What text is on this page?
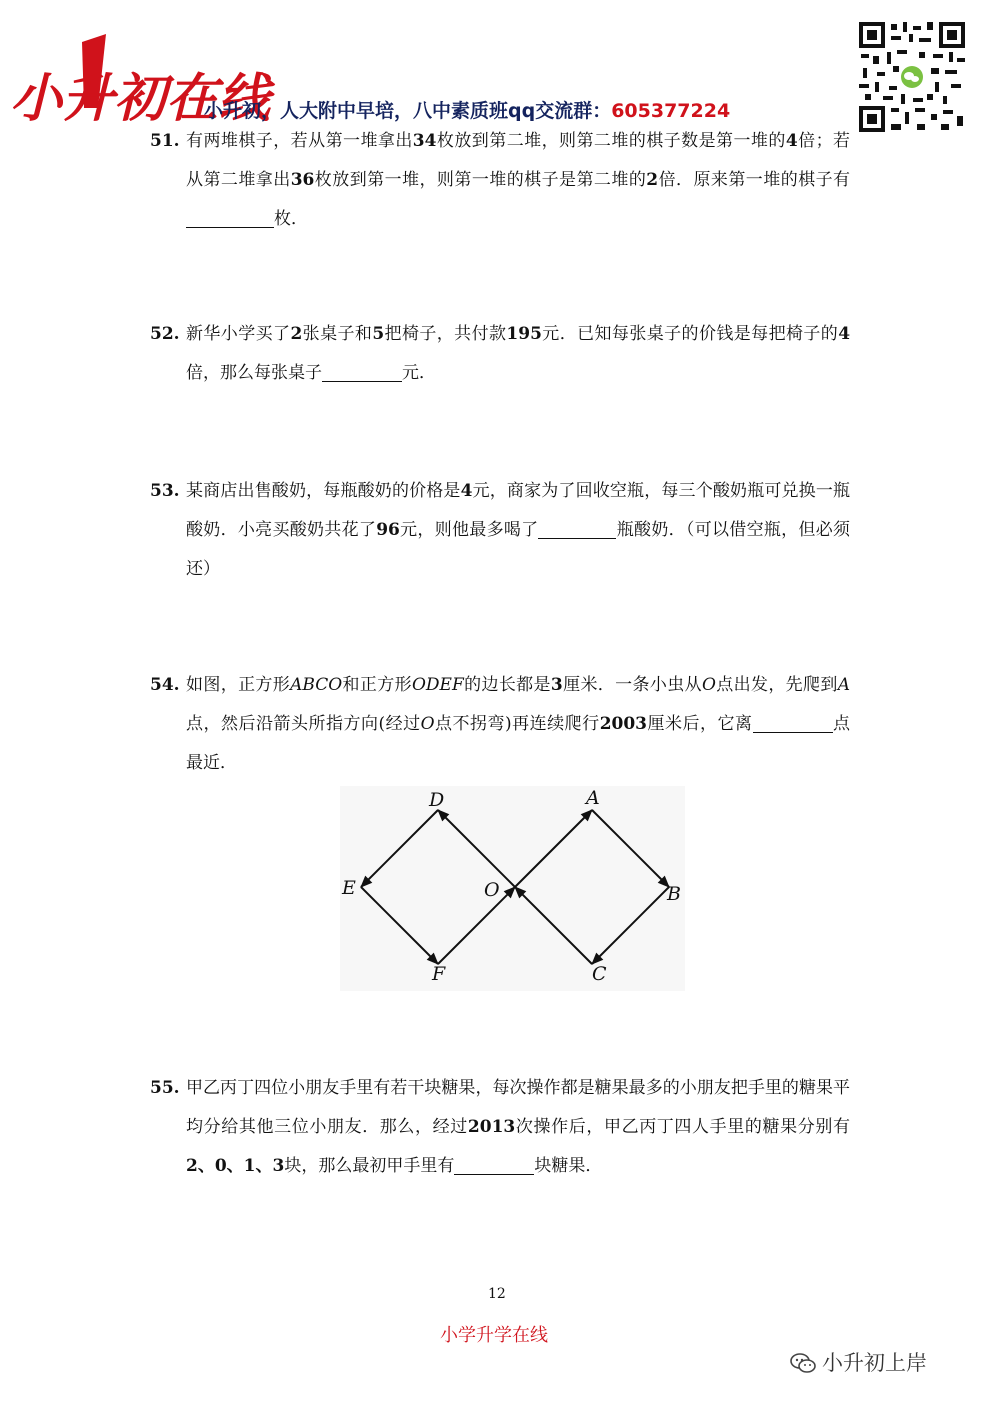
小升初在线
小升初，人大附中早培，八中素质班qq交流群：605377224
51. 有两堆棋子，若从第一堆拿出34枚放到第二堆，则第二堆的棋子数是第一堆的4倍；若从第二堆拿出36枚放到第一堆，则第一堆的棋子是第二堆的2倍．原来第一堆的棋子有枚．
52. 新华小学买了2张桌子和5把椅子，共付款195元．已知每张桌子的价钱是每把椅子的4倍，那么每张桌子	元．
53. 某商店出售酸奶，每瓶酸奶的价格是4元，商家为了回收空瓶，每三个酸奶瓶可兑换一瓶酸奶．小亮买酸奶共花了96元，则他最多喝了	瓶酸奶．（可以借空瓶，但必须还）
54. 如图，正方形ABCO和正方形ODEF的边长都是3厘米．一条小虫从O点出发，先爬到A点，然后沿箭头所指方向(经过O点不拐弯)再连续爬行2003厘米后，它离	点最近．
A
B
C
D
E
F
O
55. 甲乙丙丁四位小朋友手里有若干块糖果，每次操作都是糖果最多的小朋友把手里的糖果平均分给其他三位小朋友．那么，经过2013次操作后，甲乙丙丁四人手里的糖果分别有2、0、1、3块，那么最初甲手里有	块糖果．
12
小学升学在线
小升初上岸
